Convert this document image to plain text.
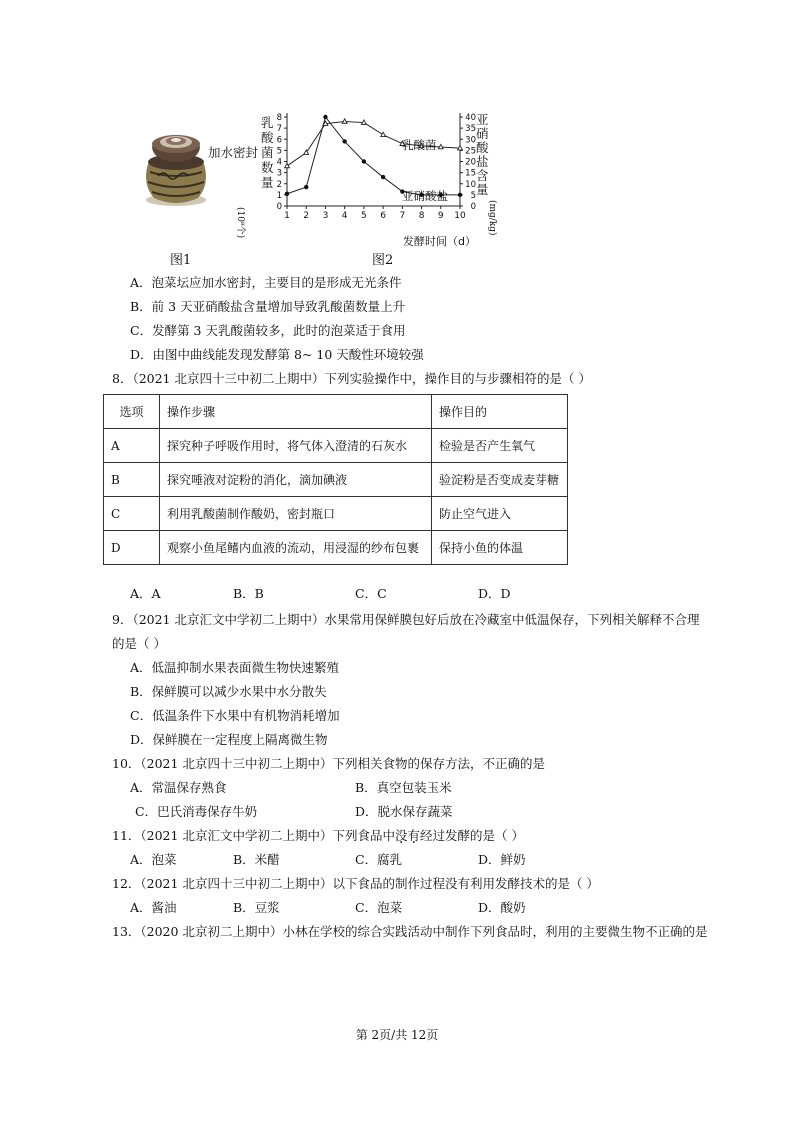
加水密封
图1	图2
乳
酸
菌
数
量
(10⁸个)
亚
硝
酸
盐
含
量
(mg/kg)
0
1
2
3
4
5
6
7
8
0
5
10
15
20
25
30
35
40
1 2 3 4 5 6 7 8 9 10
乳酸菌
亚硝酸盐
发酵时间（d）
A．泡菜坛应加水密封，主要目的是形成无光条件
B．前 3 天亚硝酸盐含量增加导致乳酸菌数量上升
C．发酵第 3 天乳酸菌较多，此时的泡菜适于食用
D．由图中曲线能发现发酵第 8~ 10 天酸性环境较强
8．（2021 北京四十三中初二上期中）下列实验操作中，操作目的与步骤相符的是（ ）
选项	操作步骤	操作目的
A	探究种子呼吸作用时，将气体入澄清的石灰水	检验是否产生氧气
B	探究唾液对淀粉的消化，滴加碘液	验淀粉是否变成麦芽糖
C	利用乳酸菌制作酸奶，密封瓶口	防止空气进入
D	观察小鱼尾鳍内血液的流动，用浸湿的纱布包裹	保持小鱼的体温
A．A	B．B	C．C	D．D
9．（2021 北京汇文中学初二上期中）水果常用保鲜膜包好后放在冷藏室中低温保存，下列相关解释不合理
的是（ ）
A．低温抑制水果表面微生物快速繁殖
B．保鲜膜可以减少水果中水分散失
C．低温条件下水果中有机物消耗增加
D．保鲜膜在一定程度上隔离微生物
10．（2021 北京四十三中初二上期中）下列相关食物的保存方法，不正确的是
A．常温保存熟食	B．真空包装玉米
C．巴氏消毒保存牛奶	D．脱水保存蔬菜
11．（2021 北京汇文中学初二上期中）下列食品中没有经过发酵的是（ ）
A．泡菜	B．米醋	C．腐乳	D．鲜奶
12．（2021 北京四十三中初二上期中）以下食品的制作过程没有利用发酵技术的是（ ）
A．酱油	B．豆浆	C．泡菜	D．酸奶
13．（2020 北京初二上期中）小林在学校的综合实践活动中制作下列食品时，利用的主要微生物不正确的是
第 2页/共 12页
